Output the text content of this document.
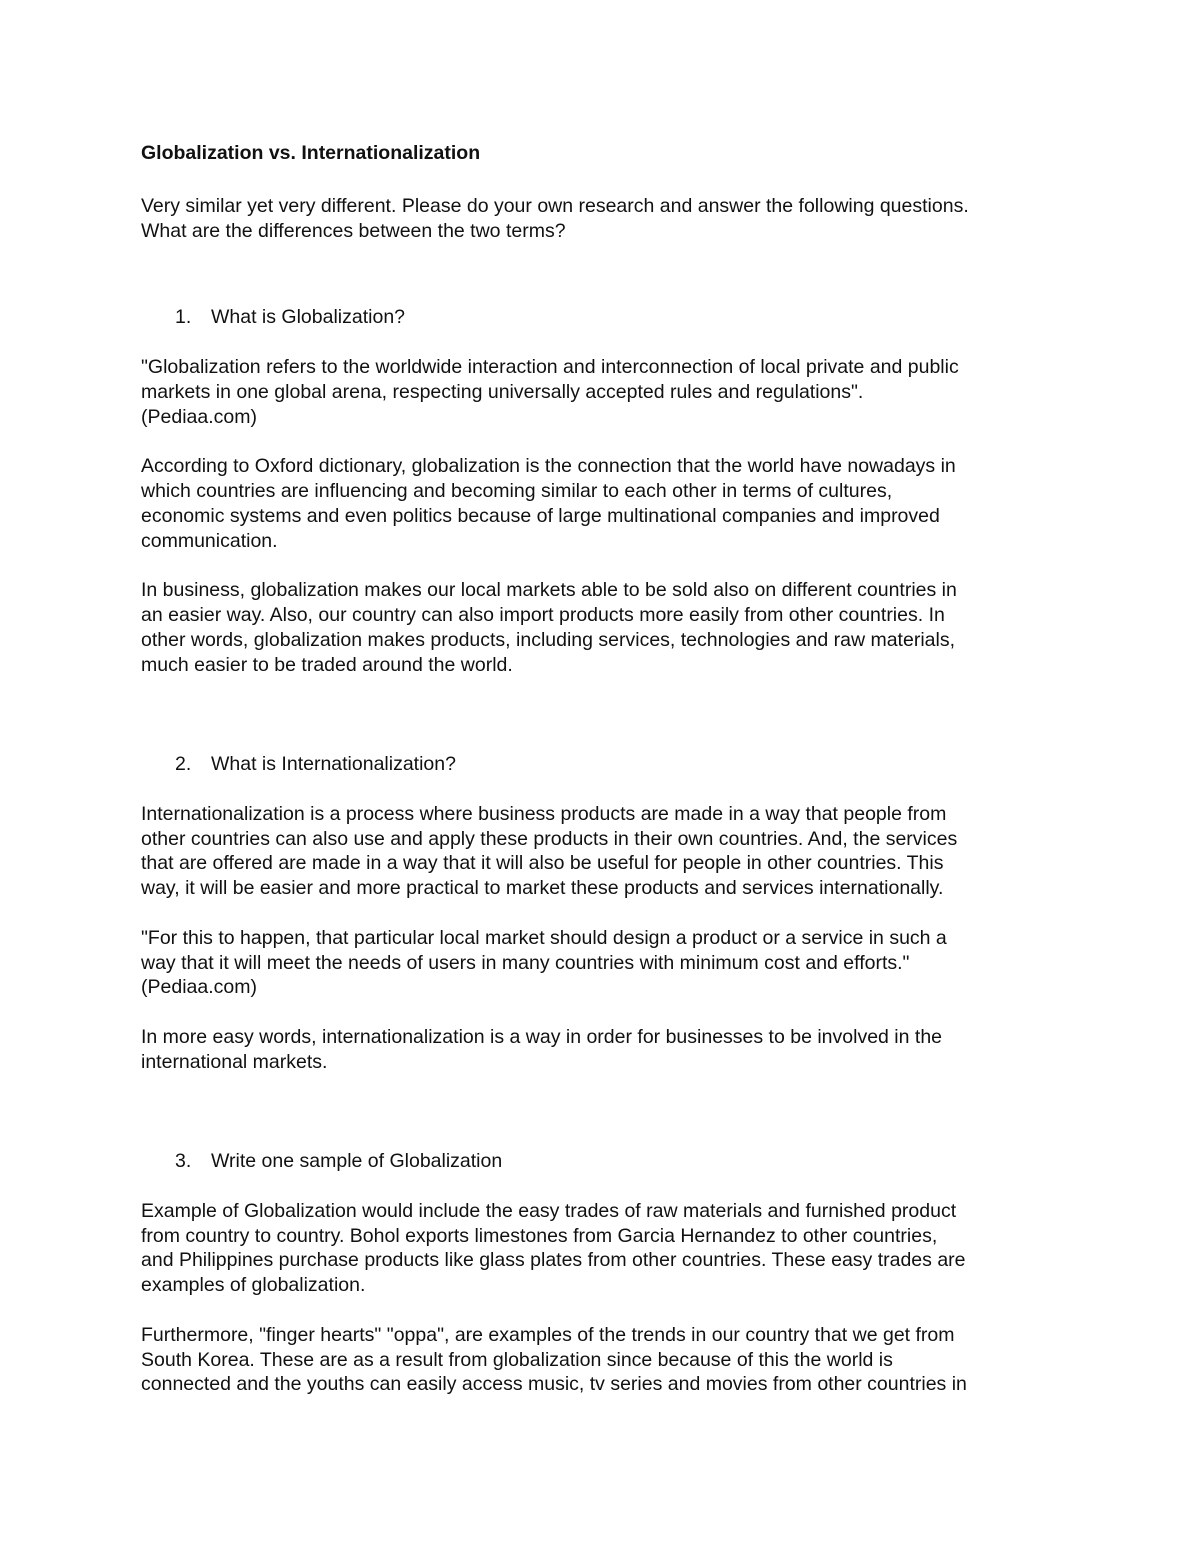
Globalization vs. Internationalization

Very similar yet very different. Please do your own research and answer the following questions.
What are the differences between the two terms?
1. What is Globalization?
"Globalization refers to the worldwide interaction and interconnection of local private and public
markets in one global arena, respecting universally accepted rules and regulations".
(Pediaa.com)
According to Oxford dictionary, globalization is the connection that the world have nowadays in
which countries are influencing and becoming similar to each other in terms of cultures,
economic systems and even politics because of large multinational companies and improved
communication.
In business, globalization makes our local markets able to be sold also on different countries in
an easier way. Also, our country can also import products more easily from other countries. In
other words, globalization makes products, including services, technologies and raw materials,
much easier to be traded around the world.
2. What is Internationalization?
Internationalization is a process where business products are made in a way that people from
other countries can also use and apply these products in their own countries. And, the services
that are offered are made in a way that it will also be useful for people in other countries. This
way, it will be easier and more practical to market these products and services internationally.
"For this to happen, that particular local market should design a product or a service in such a
way that it will meet the needs of users in many countries with minimum cost and efforts."
(Pediaa.com)
In more easy words, internationalization is a way in order for businesses to be involved in the
international markets.
3. Write one sample of Globalization
Example of Globalization would include the easy trades of raw materials and furnished product
from country to country. Bohol exports limestones from Garcia Hernandez to other countries,
and Philippines purchase products like glass plates from other countries. These easy trades are
examples of globalization.
Furthermore, "finger hearts" "oppa", are examples of the trends in our country that we get from
South Korea. These are as a result from globalization since because of this the world is
connected and the youths can easily access music, tv series and movies from other countries in
